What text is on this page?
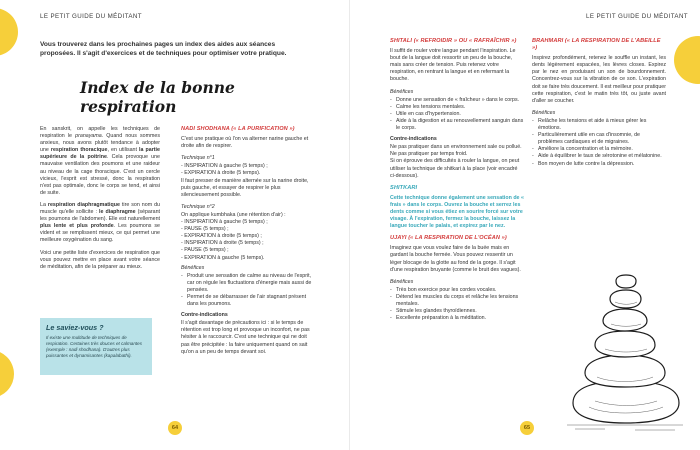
LE PETIT GUIDE DU MÉDITANT
Vous trouverez dans les prochaines pages un index des aides aux séances proposées. Il s'agit d'exercices et de techniques pour optimiser votre pratique.
Index de la bonne respiration

En sanskrit, on appelle les techniques de respiration le pranayama. Quand nous sommes anxieux, nous avons plutôt tendance à adopter une respiration thoracique, en utilisant la partie supérieure de la poitrine. Cela provoque une mauvaise ventilation des poumons et une raideur au niveau de la cage thoracique. C'est un cercle vicieux, l'esprit est stressé, donc la respiration n'est pas optimale, donc le corps se tend, et ainsi de suite.

La respiration diaphragmatique tire son nom du muscle qu'elle sollicite : le diaphragme (séparant les poumons de l'abdomen). Elle est naturellement plus lente et plus profonde. Les poumons se vident et se remplissent mieux, ce qui permet une meilleure oxygénation du sang.

Voici une petite liste d'exercices de respiration que vous pouvez mettre en place avant votre séance de méditation, afin de la préparer au mieux.

Le saviez-vous ?

Il existe une multitude de techniques de respiration. Certaines très douces et calmantes (exemple : nadi shodhana). D'autres plus puissantes et dynamisantes (kapalabathi).

NADI SHODHANA (« LA PURIFICATION »)

C'est une pratique où l'on va alterner narine gauche et droite afin de respirer.

Technique n°1
- INSPIRATION à gauche (5 temps) ;
- EXPIRATION à droite (5 temps).

Il faut presser de manière alternée sur la narine droite, puis gauche, et essayer de respirer le plus silencieusement possible.

Technique n°2
On applique kumbhaka (une rétention d'air) :
- INSPIRATION à gauche (5 temps) ;
- PAUSE (5 temps) ;
- EXPIRATION à droite (5 temps) ;
- INSPIRATION à droite (5 temps) ;
- PAUSE (5 temps) ;
- EXPIRATION à gauche (5 temps).
Bénéfices
- Produit une sensation de calme au niveau de l'esprit, car on régule les fluctuations d'énergie mais aussi de pensées.
- Permet de se débarrasser de l'air stagnant présent dans les poumons.
Contre-indications

Il s'agit davantage de précautions ici : si le temps de rétention est trop long et provoque un inconfort, ne pas hésiter à le raccourcir. C'est une technique qui ne doit pas être précipitée : la faire uniquement quand on sait qu'on a un peu de temps devant soi.

64
LE PETIT GUIDE DU MÉDITANT
SHITALI (« REFROIDIR » OU « RAFRAÎCHIR »)

Il suffit de rouler votre langue pendant l'inspiration. Le bout de la langue doit ressortir un peu de la bouche, mais sans créer de tension. Puis retenez votre respiration, en rentrant la langue et en refermant la bouche.

Bénéfices
- Donne une sensation de « fraîcheur » dans le corps.
- Calme les tensions mentales.
- Utile en cas d'hypertension.
- Aide à la digestion et au renouvellement sanguin dans le corps.
Contre-indications
Ne pas pratiquer dans un environnement sale ou pollué.
Ne pas pratiquer par temps froid.
Si on éprouve des difficultés à rouler la langue, on peut utiliser la technique de shitkari à la place (voir encadré ci-dessous).
SHITKARI

Cette technique donne également une sensation de « frais » dans le corps. Ouvrez la bouche et serrez les dents comme si vous étiez en sourire forcé sur votre visage. À l'expiration, fermez la bouche, laissez la langue toucher le palais, et expirez par le nez.

UJAYI (« LA RESPIRATION DE L'OCÉAN »)

Imaginez que vous voulez faire de la buée mais en gardant la bouche fermée. Vous pouvez ressentir un léger blocage de la glotte au fond de la gorge. Il s'agit d'une respiration bruyante (comme le bruit des vagues).

Bénéfices
- Très bon exercice pour les cordes vocales.
- Détend les muscles du corps et relâche les tensions mentales.
- Stimule les glandes thyroïdiennes.
- Excellente préparation à la méditation.
BRAHMARI (« LA RESPIRATION DE L'ABEILLE »)

Inspirez profondément, retenez le souffle un instant, les dents légèrement espacées, les lèvres closes. Expirez par le nez en produisant un son de bourdonnement. Concentrez-vous sur la vibration de ce son. L'expiration doit se faire très doucement. Il est meilleur pour pratiquer cette respiration, c'est le matin très tôt, ou juste avant d'aller se coucher.

Bénéfices
- Relâche les tensions et aide à mieux gérer les émotions.
- Particulièrement utile en cas d'insomnie, de problèmes cardiaques et de migraines.
- Améliore la concentration et la mémoire.
- Aide à équilibrer le taux de sérotonine et mélatonine.
- Bon moyen de lutte contre la dépression.
65
